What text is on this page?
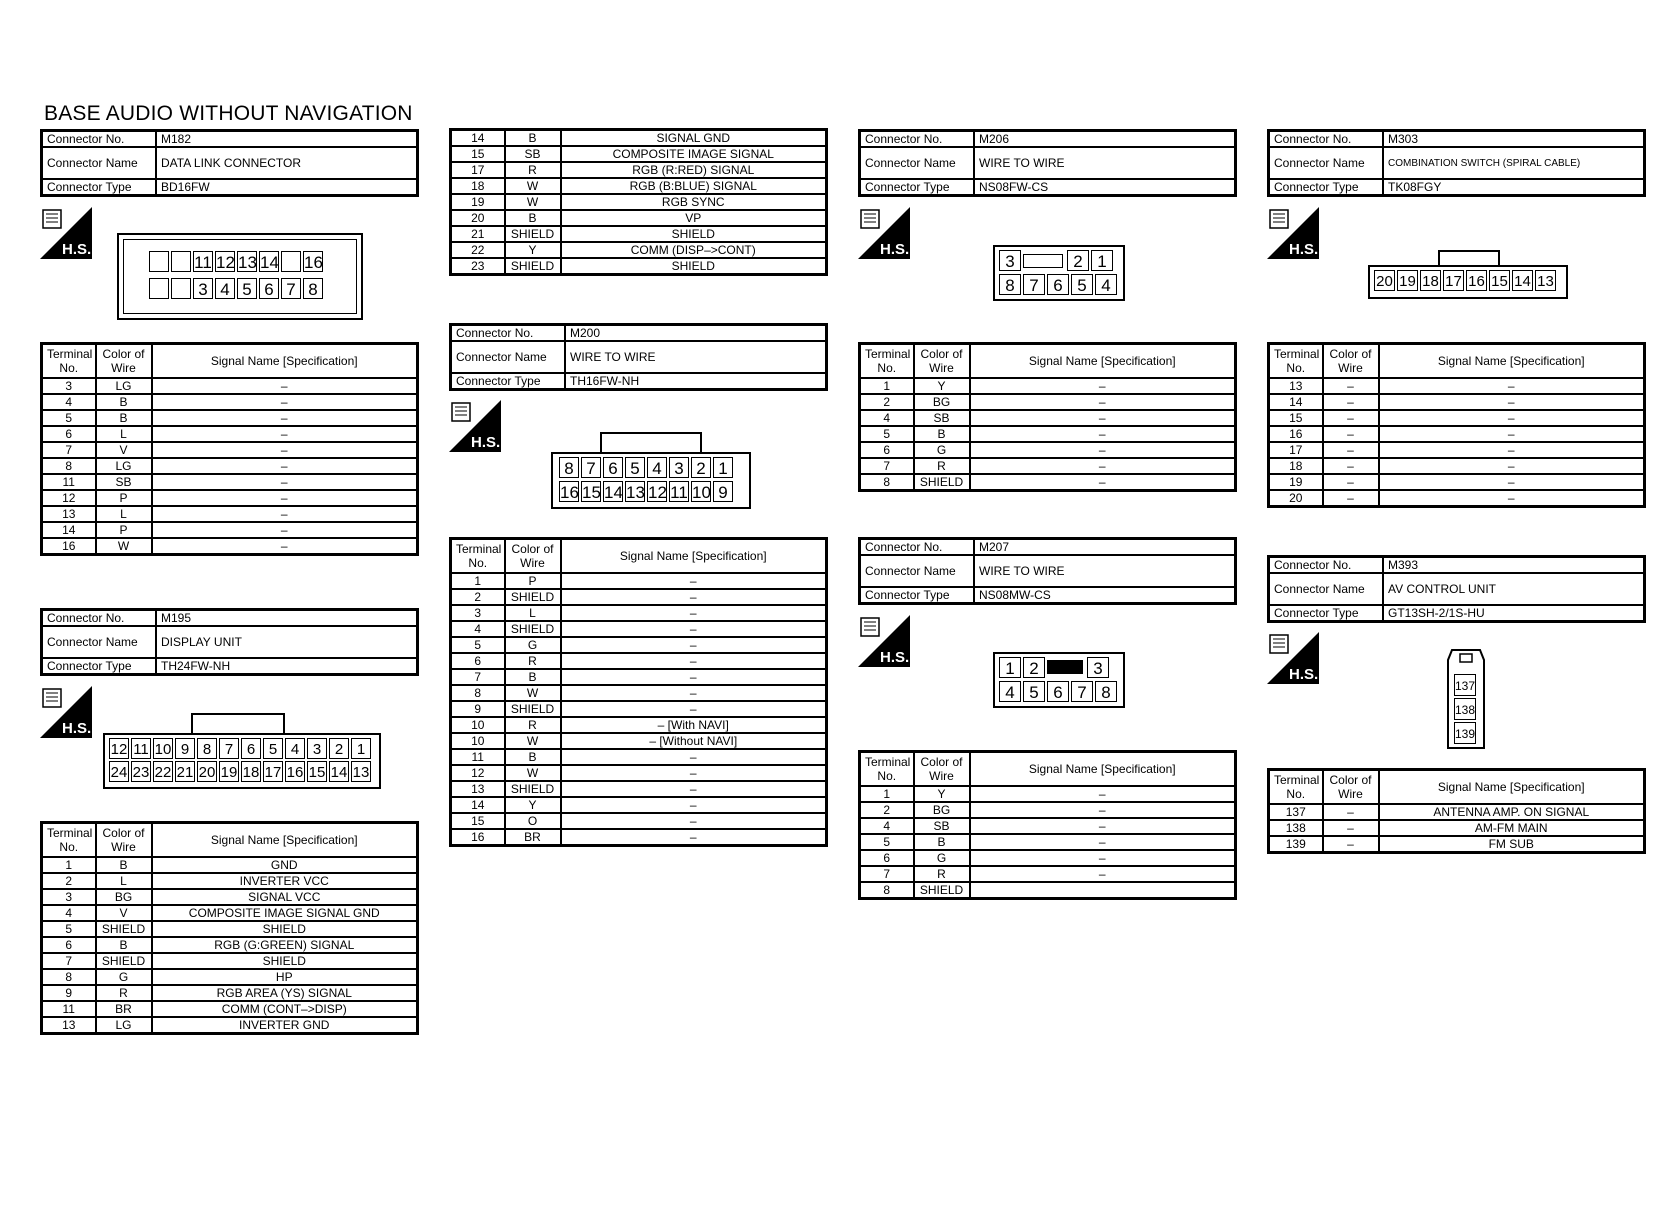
BASE AUDIO WITHOUT NAVIGATION
Connector No.	M182
Connector Name	DATA LINK CONNECTOR
Connector Type	BD16FW
H.S.
11 12 13 14 16
3 4 5 6 7 8
Terminal No.	Color of Wire	Signal Name [Specification]
3	LG	–
4	B	–
5	B	–
6	L	–
7	V	–
8	LG	–
11	SB	–
12	P	–
13	L	–
14	P	–
16	W	–
Connector No.	M195
Connector Name	DISPLAY UNIT
Connector Type	TH24FW-NH
H.S.
12 11 10 9 8 7 6 5 4 3 2 1
24 23 22 21 20 19 18 17 16 15 14 13
Terminal No.	Color of Wire	Signal Name [Specification]
1	B	GND
2	L	INVERTER VCC
3	BG	SIGNAL VCC
4	V	COMPOSITE IMAGE SIGNAL GND
5	SHIELD	SHIELD
6	B	RGB (G:GREEN) SIGNAL
7	SHIELD	SHIELD
8	G	HP
9	R	RGB AREA (YS) SIGNAL
11	BR	COMM (CONT–>DISP)
13	LG	INVERTER GND
14	B	SIGNAL GND
15	SB	COMPOSITE IMAGE SIGNAL
17	R	RGB (R:RED) SIGNAL
18	W	RGB (B:BLUE) SIGNAL
19	W	RGB SYNC
20	B	VP
21	SHIELD	SHIELD
22	Y	COMM (DISP–>CONT)
23	SHIELD	SHIELD
Connector No.	M200
Connector Name	WIRE TO WIRE
Connector Type	TH16FW-NH
H.S.
8 7 6 5 4 3 2 1
16 15 14 13 12 11 10 9
Terminal No.	Color of Wire	Signal Name [Specification]
1	P	–
2	SHIELD	–
3	L	–
4	SHIELD	–
5	G	–
6	R	–
7	B	–
8	W	–
9	SHIELD	–
10	R	– [With NAVI]
10	W	– [Without NAVI]
11	B	–
12	W	–
13	SHIELD	–
14	Y	–
15	O	–
16	BR	–
Connector No.	M206
Connector Name	WIRE TO WIRE
Connector Type	NS08FW-CS
H.S.
3	2 1
8 7 6 5 4
Terminal No.	Color of Wire	Signal Name [Specification]
1	Y	–
2	BG	–
4	SB	–
5	B	–
6	G	–
7	R	–
8	SHIELD	–
Connector No.	M207
Connector Name	WIRE TO WIRE
Connector Type	NS08MW-CS
H.S.
1 2	3
4 5 6 7 8
Terminal No.	Color of Wire	Signal Name [Specification]
1	Y	–
2	BG	–
4	SB	–
5	B	–
6	G	–
7	R	–
8	SHIELD	
Connector No.	M303
Connector Name	COMBINATION SWITCH (SPIRAL CABLE)
Connector Type	TK08FGY
H.S.
20 19 18 17 16 15 14 13
Terminal No.	Color of Wire	Signal Name [Specification]
13	–	–
14	–	–
15	–	–
16	–	–
17	–	–
18	–	–
19	–	–
20	–	–
Connector No.	M393
Connector Name	AV CONTROL UNIT
Connector Type	GT13SH-2/1S-HU
H.S.
137
138
139
Terminal No.	Color of Wire	Signal Name [Specification]
137	–	ANTENNA AMP. ON SIGNAL
138	–	AM-FM MAIN
139	–	FM SUB
